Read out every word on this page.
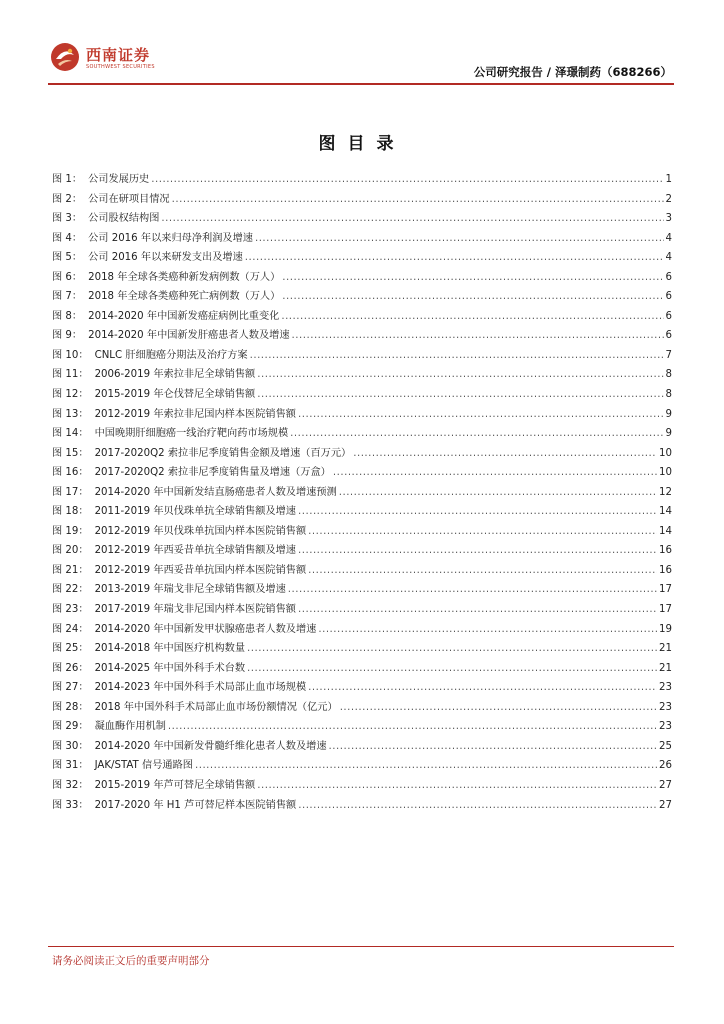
西南证券
SOUTHWEST SECURITIES	公司研究报告 / 泽璟制药（688266）
图目录
图 1： 公司发展历史 .....	1
图 2： 公司在研项目情况 .....	2
图 3： 公司股权结构图 .....	3
图 4： 公司 2016 年以来归母净利润及增速 .....	4
图 5： 公司 2016 年以来研发支出及增速 .....	4
图 6： 2018 年全球各类癌种新发病例数（万人） .....	6
图 7： 2018 年全球各类癌种死亡病例数（万人） .....	6
图 8： 2014-2020 年中国新发癌症病例比重变化 .....	6
图 9： 2014-2020 年中国新发肝癌患者人数及增速 .....	6
图 10： CNLC 肝细胞癌分期法及治疗方案 .....	7
图 11： 2006-2019 年索拉非尼全球销售额 .....	8
图 12： 2015-2019 年仑伐替尼全球销售额 .....	8
图 13： 2012-2019 年索拉非尼国内样本医院销售额 .....	9
图 14： 中国晚期肝细胞癌一线治疗靶向药市场规模 .....	9
图 15： 2017-2020Q2 索拉非尼季度销售金额及增速（百万元） .....	10
图 16： 2017-2020Q2 索拉非尼季度销售量及增速（万盒） .....	10
图 17： 2014-2020 年中国新发结直肠癌患者人数及增速预测 .....	12
图 18： 2011-2019 年贝伐珠单抗全球销售额及增速 .....	14
图 19： 2012-2019 年贝伐珠单抗国内样本医院销售额 .....	14
图 20： 2012-2019 年西妥昔单抗全球销售额及增速 .....	16
图 21： 2012-2019 年西妥昔单抗国内样本医院销售额 .....	16
图 22： 2013-2019 年瑞戈非尼全球销售额及增速 .....	17
图 23： 2017-2019 年瑞戈非尼国内样本医院销售额 .....	17
图 24： 2014-2020 年中国新发甲状腺癌患者人数及增速 .....	19
图 25： 2014-2018 年中国医疗机构数量 .....	21
图 26： 2014-2025 年中国外科手术台数 .....	21
图 27： 2014-2023 年中国外科手术局部止血市场规模 .....	23
图 28： 2018 年中国外科手术局部止血市场份额情况（亿元） .....	23
图 29： 凝血酶作用机制 .....	23
图 30： 2014-2020 年中国新发骨髓纤维化患者人数及增速 .....	25
图 31： JAK/STAT 信号通路图 .....	26
图 32： 2015-2019 年芦可替尼全球销售额 .....	27
图 33： 2017-2020 年 H1 芦可替尼样本医院销售额 .....	27
请务必阅读正文后的重要声明部分
